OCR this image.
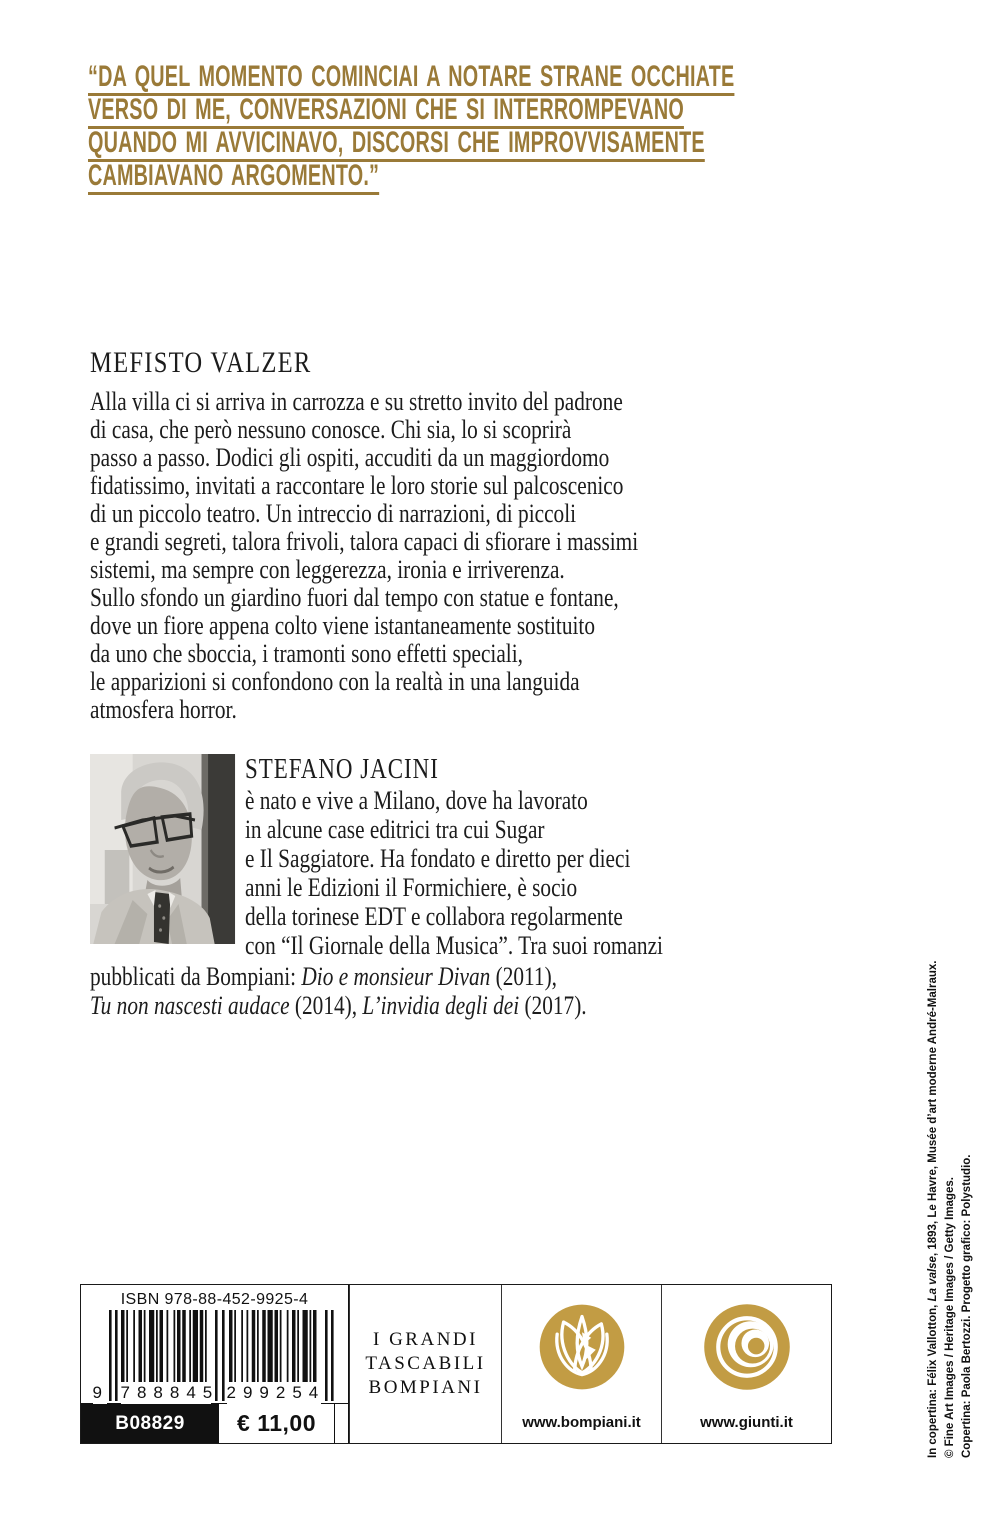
“DA QUEL MOMENTO COMINCIAI A NOTARE STRANE OCCHIATE
VERSO DI ME, CONVERSAZIONI CHE SI INTERROMPEVANO
QUANDO MI AVVICINAVO, DISCORSI CHE IMPROVVISAMENTE
CAMBIAVANO ARGOMENTO.”
MEFISTO VALZER
Alla villa ci si arriva in carrozza e su stretto invito del padrone
di casa, che però nessuno conosce. Chi sia, lo si scoprirà
passo a passo. Dodici gli ospiti, accuditi da un maggiordomo
fidatissimo, invitati a raccontare le loro storie sul palcoscenico
di un piccolo teatro. Un intreccio di narrazioni, di piccoli
e grandi segreti, talora frivoli, talora capaci di sfiorare i massimi
sistemi, ma sempre con leggerezza, ironia e irriverenza.
Sullo sfondo un giardino fuori dal tempo con statue e fontane,
dove un fiore appena colto viene istantaneamente sostituito
da uno che sboccia, i tramonti sono effetti speciali,
le apparizioni si confondono con la realtà in una languida
atmosfera horror.
STEFANO JACINI
è nato e vive a Milano, dove ha lavorato
in alcune case editrici tra cui Sugar
e Il Saggiatore. Ha fondato e diretto per dieci
anni le Edizioni il Formichiere, è socio
della torinese EDT e collabora regolarmente
con “Il Giornale della Musica”. Tra suoi romanzi
pubblicati da Bompiani: Dio e monsieur Divan (2011),
Tu non nascesti audace (2014), L’invidia degli dei (2017).
In copertina: Félix Vallotton, La valse, 1893, Le Havre, Musée d’art moderne André-Malraux.
© Fine Art Images / Heritage Images / Getty Images. Copertina: Paola Bertozzi. Progetto grafico: Polystudio.
ISBN 978-88-452-9925-4
9 788845 299254
B08829	€ 11,00
I GRANDI
TASCABILI
BOMPIANI
www.bompiani.it	www.giunti.it
